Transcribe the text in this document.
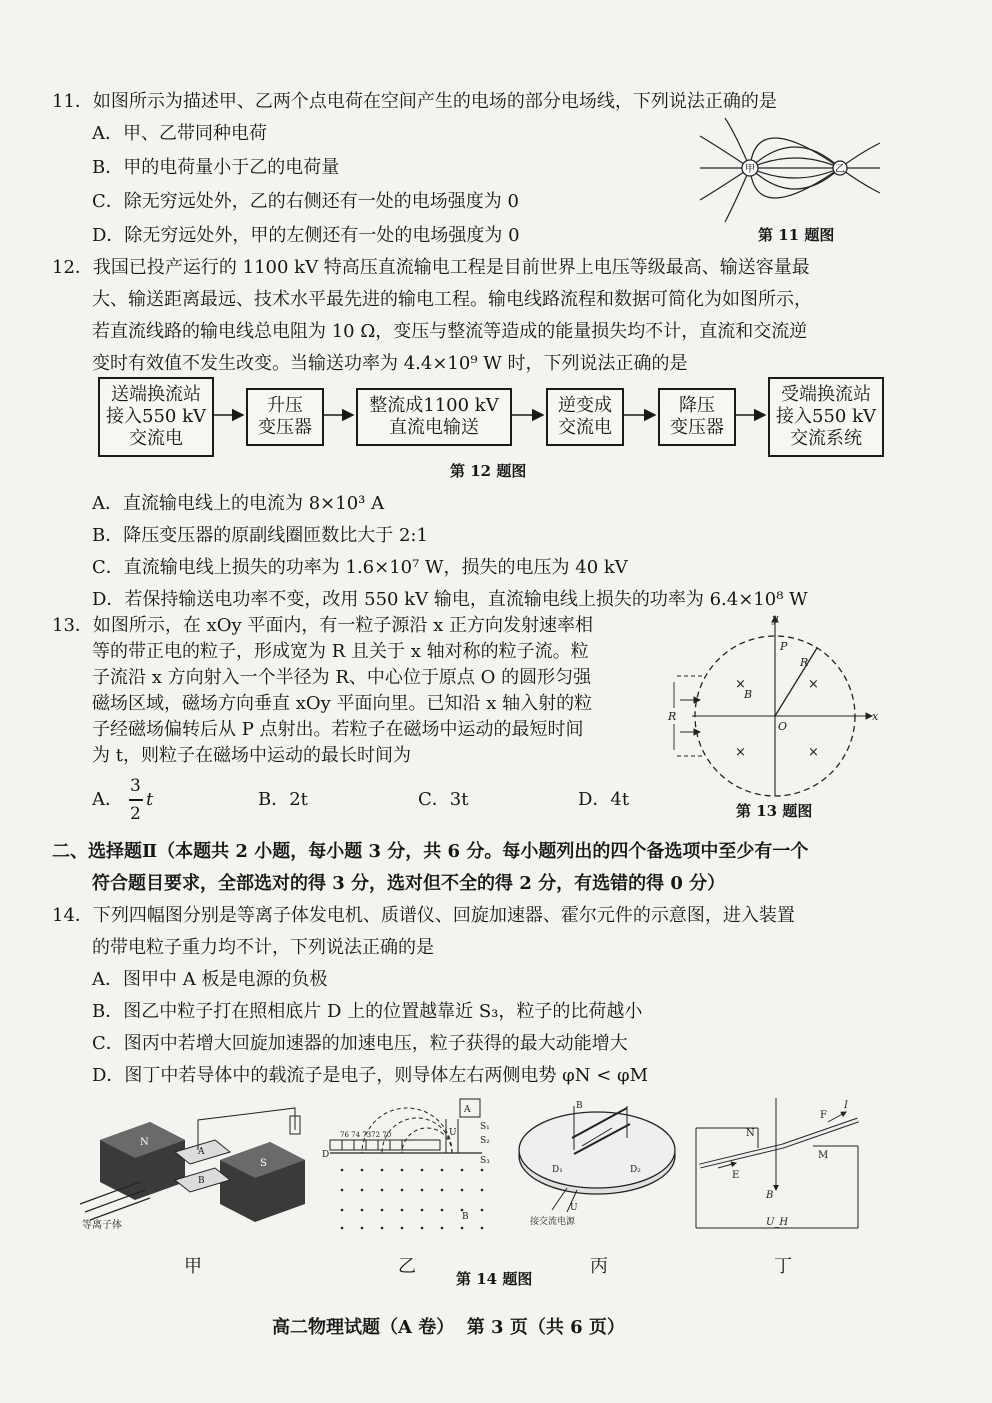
11．如图所示为描述甲、乙两个点电荷在空间产生的电场的部分电场线，下列说法正确的是
A．甲、乙带同种电荷
B．甲的电荷量小于乙的电荷量
C．除无穷远处外，乙的右侧还有一处的电场强度为 0
D．除无穷远处外，甲的左侧还有一处的电场强度为 0
甲	乙
第 11 题图
12．我国已投产运行的 1100 kV 特高压直流输电工程是目前世界上电压等级最高、输送容量最
大、输送距离最远、技术水平最先进的输电工程。输电线路流程和数据可简化为如图所示，
若直流线路的输电线总电阻为 10 Ω，变压与整流等造成的能量损失均不计，直流和交流逆
变时有效值不发生改变。当输送功率为 4.4×10⁹ W 时，下列说法正确的是
送端换流站
接入550 kV
交流电
升压
变压器
整流成1100 kV
直流电输送
逆变成
交流电
降压
变压器
受端换流站
接入550 kV
交流系统
第 12 题图
A．直流输电线上的电流为 8×10³ A
B．降压变压器的原副线圈匝数比大于 2:1
C．直流输电线上损失的功率为 1.6×10⁷ W，损失的电压为 40 kV
D．若保持输送电功率不变，改用 550 kV 输电，直流输电线上损失的功率为 6.4×10⁸ W
13．如图所示，在 xOy 平面内，有一粒子源沿 x 正方向发射速率相
等的带正电的粒子，形成宽为 R 且关于 x 轴对称的粒子流。粒
子流沿 x 方向射入一个半径为 R、中心位于原点 O 的圆形匀强
磁场区域，磁场方向垂直 xOy 平面向里。已知沿 x 轴入射的粒
子经磁场偏转后从 P 点射出。若粒子在磁场中运动的最短时间
为 t，则粒子在磁场中运动的最长时间为
A．
3
2
t	B．2t	C．3t	D．4t
×	×
×	×
y
x
O
P
R
B
R
第 13 题图
二、选择题Ⅱ（本题共 2 小题，每小题 3 分，共 6 分。每小题列出的四个备选项中至少有一个
符合题目要求，全部选对的得 3 分，选对但不全的得 2 分，有选错的得 0 分）
14．下列四幅图分别是等离子体发电机、质谱仪、回旋加速器、霍尔元件的示意图，进入装置
的带电粒子重力均不计，下列说法正确的是
A．图甲中 A 板是电源的负极
B．图乙中粒子打在照相底片 D 上的位置越靠近 S₃，粒子的比荷越小
C．图丙中若增大回旋加速器的加速电压，粒子获得的最大动能增大
D．图丁中若导体中的载流子是电子，则导体左右两侧电势 φN < φM
N
S
A
B
等离子体
76 74 7372 70
D
A
U
S₁
S₂
S₃
B
B
D₁	D₂
U
接交流电源
F
I
N
M
E
B
U_H
甲	乙	丙	丁
第 14 题图
高二物理试题（A 卷）  第 3 页（共 6 页）
